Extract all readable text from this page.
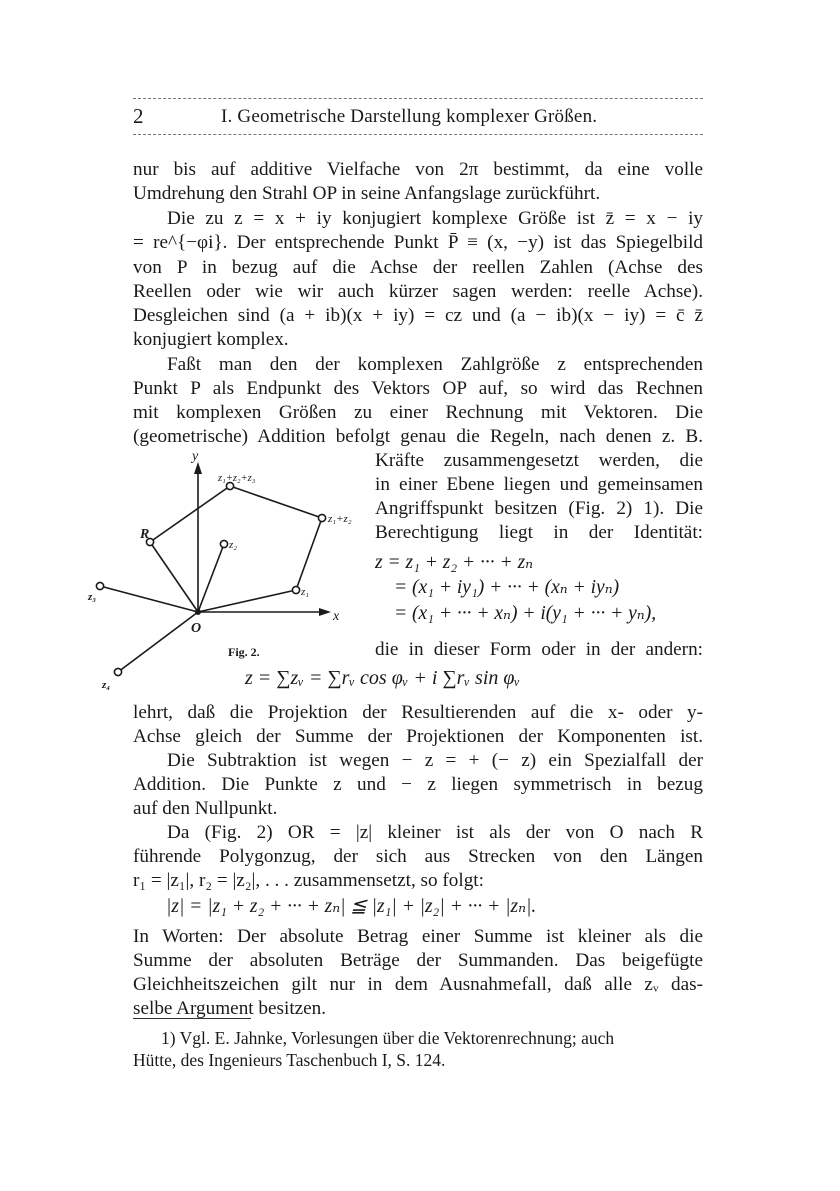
2	I. Geometrische Darstellung komplexer Größen.
nur bis auf additive Vielfache von 2π bestimmt, da eine volle
Umdrehung den Strahl OP in seine Anfangslage zurückführt.
Die zu z = x + iy konjugiert komplexe Größe ist z̄ = x − iy
= re^{−φi}. Der entsprechende Punkt P̄ ≡ (x, −y) ist das Spiegelbild
von P in bezug auf die Achse der reellen Zahlen (Achse des
Reellen oder wie wir auch kürzer sagen werden: reelle Achse).
Desgleichen sind (a + ib)(x + iy) = cz und (a − ib)(x − iy) = c̄ z̄
konjugiert komplex.
Faßt man den der komplexen Zahlgröße z entsprechenden
Punkt P als Endpunkt des Vektors OP auf, so wird das Rechnen
mit komplexen Größen zu einer Rechnung mit Vektoren. Die
(geometrische) Addition befolgt genau die Regeln, nach denen z. B.
Kräfte zusammengesetzt werden, die
in einer Ebene liegen und gemeinsamen
Angriffspunkt besitzen (Fig. 2) 1). Die
Berechtigung liegt in der Identität:
z = z₁ + z₂ + ··· + zₙ
= (x₁ + iy₁) + ··· + (xₙ + iyₙ)
= (x₁ + ··· + xₙ) + i(y₁ + ··· + yₙ),
die in dieser Form oder in der andern:
z = ∑zᵥ = ∑rᵥ cos φᵥ + i ∑rᵥ sin φᵥ
y
x
O
R
z₁
z₂
z₃
z₄
z₁+z₂
z₁+z₂+z₃
Fig. 2.
lehrt, daß die Projektion der Resultierenden auf die x- oder y-
Achse gleich der Summe der Projektionen der Komponenten ist.
Die Subtraktion ist wegen − z = + (− z) ein Spezialfall der
Addition. Die Punkte z und − z liegen symmetrisch in bezug
auf den Nullpunkt.
Da (Fig. 2) OR = |z| kleiner ist als der von O nach R
führende Polygonzug, der sich aus Strecken von den Längen
r₁ = |z₁|, r₂ = |z₂|, . . . zusammensetzt, so folgt:
|z| = |z₁ + z₂ + ··· + zₙ| ≦ |z₁| + |z₂| + ··· + |zₙ|.
In Worten: Der absolute Betrag einer Summe ist kleiner als die
Summe der absoluten Beträge der Summanden. Das beigefügte
Gleichheitszeichen gilt nur in dem Ausnahmefall, daß alle zᵥ das-
selbe Argument besitzen.
1) Vgl. E. Jahnke, Vorlesungen über die Vektorenrechnung; auch
Hütte, des Ingenieurs Taschenbuch I, S. 124.
